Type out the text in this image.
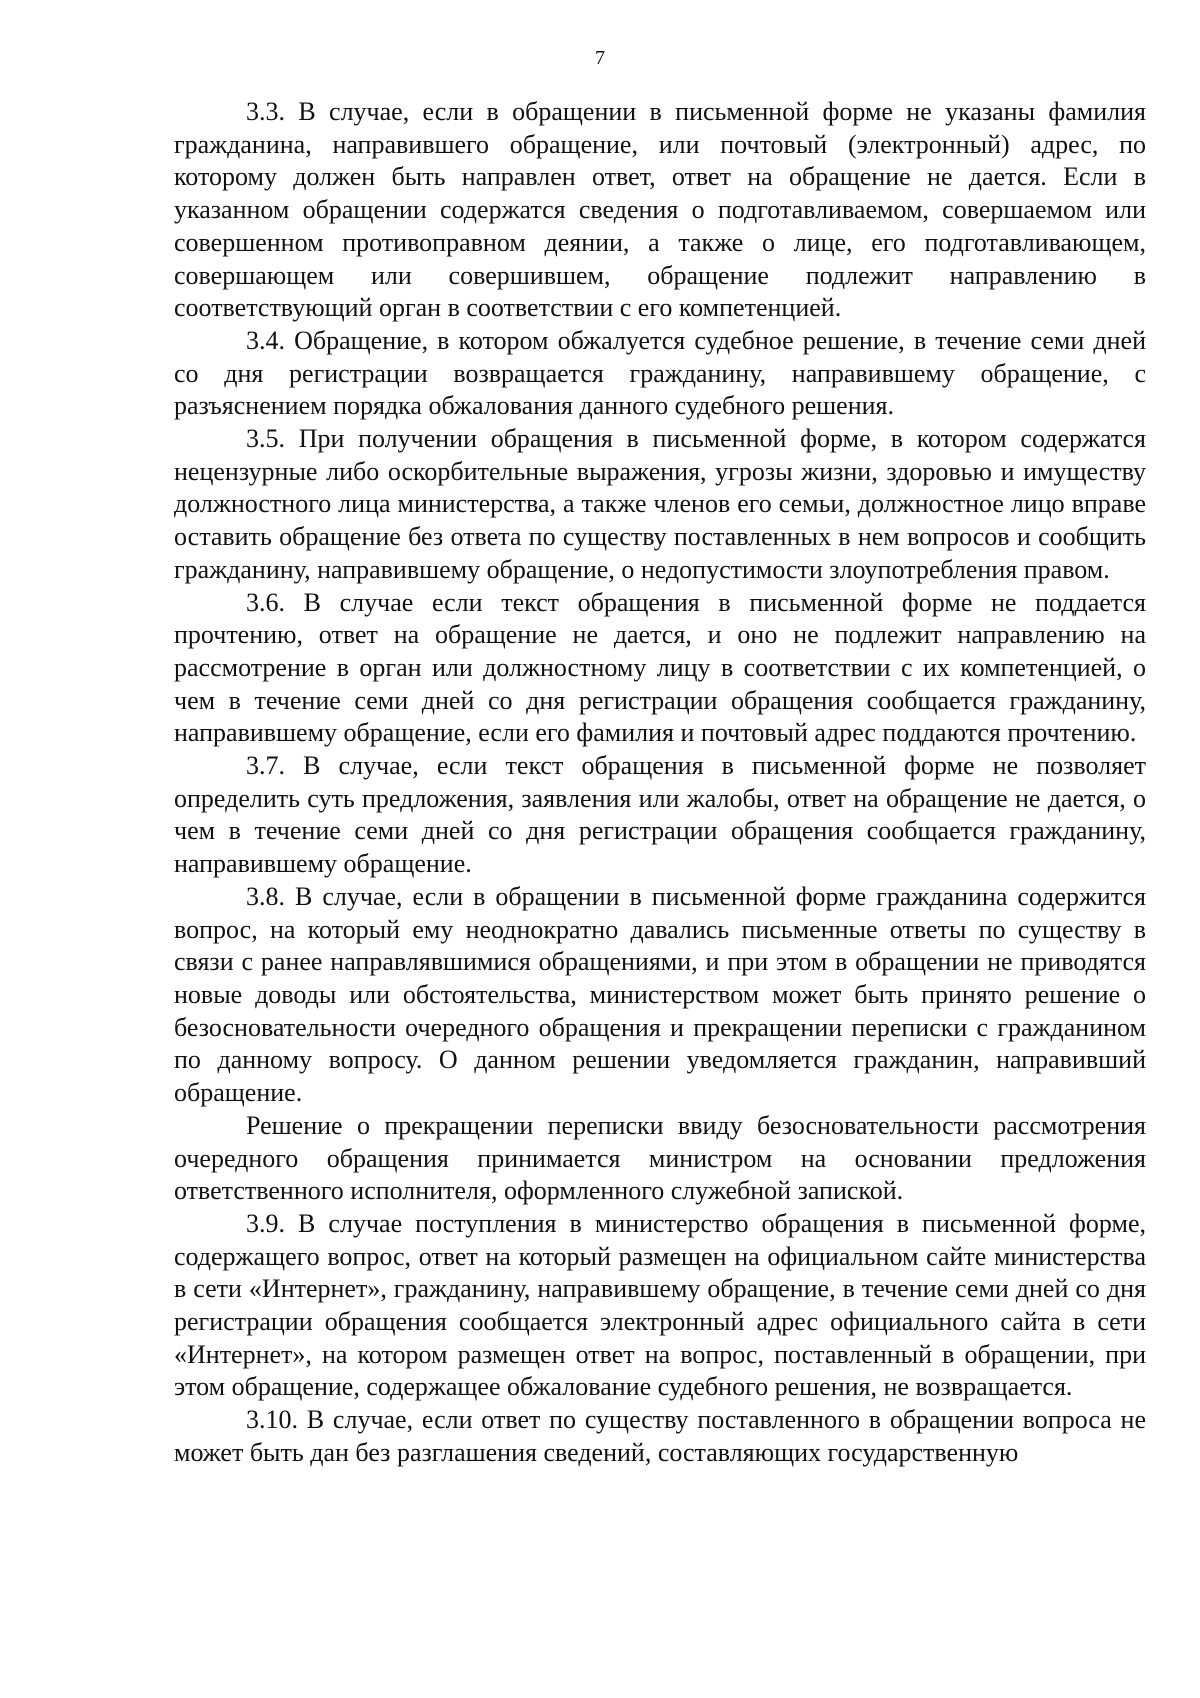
7

3.3. В случае, если в обращении в письменной форме не указаны фамилия гражданина, направившего обращение, или почтовый (электронный) адрес, по которому должен быть направлен ответ, ответ на обращение не дается. Если в указанном обращении содержатся сведения о подготавливаемом, совершаемом или совершенном противоправном деянии, а также о лице, его подготавливающем, совершающем или совершившем, обращение подлежит направлению в соответствующий орган в соответствии с его компетенцией.

3.4. Обращение, в котором обжалуется судебное решение, в течение семи дней со дня регистрации возвращается гражданину, направившему обращение, с разъяснением порядка обжалования данного судебного решения.

3.5. При получении обращения в письменной форме, в котором содержатся нецензурные либо оскорбительные выражения, угрозы жизни, здоровью и имуществу должностного лица министерства, а также членов его семьи, должностное лицо вправе оставить обращение без ответа по существу поставленных в нем вопросов и сообщить гражданину, направившему обращение, о недопустимости злоупотребления правом.

3.6. В случае если текст обращения в письменной форме не поддается прочтению, ответ на обращение не дается, и оно не подлежит направлению на рассмотрение в орган или должностному лицу в соответствии с их компетенцией, о чем в течение семи дней со дня регистрации обращения сообщается гражданину, направившему обращение, если его фамилия и почтовый адрес поддаются прочтению.

3.7. В случае, если текст обращения в письменной форме не позволяет определить суть предложения, заявления или жалобы, ответ на обращение не дается, о чем в течение семи дней со дня регистрации обращения сообщается гражданину, направившему обращение.

3.8. В случае, если в обращении в письменной форме гражданина содержится вопрос, на который ему неоднократно давались письменные ответы по существу в связи с ранее направлявшимися обращениями, и при этом в обращении не приводятся новые доводы или обстоятельства, министерством может быть принято решение о безосновательности очередного обращения и прекращении переписки с гражданином по данному вопросу. О данном решении уведомляется гражданин, направивший обращение.

Решение о прекращении переписки ввиду безосновательности рассмотрения очередного обращения принимается министром на основании предложения ответственного исполнителя, оформленного служебной запиской.

3.9. В случае поступления в министерство обращения в письменной форме, содержащего вопрос, ответ на который размещен на официальном сайте министерства в сети «Интернет», гражданину, направившему обращение, в течение семи дней со дня регистрации обращения сообщается электронный адрес официального сайта в сети «Интернет», на котором размещен ответ на вопрос, поставленный в обращении, при этом обращение, содержащее обжалование судебного решения, не возвращается.

3.10. В случае, если ответ по существу поставленного в обращении вопроса не может быть дан без разглашения сведений, составляющих государственную
